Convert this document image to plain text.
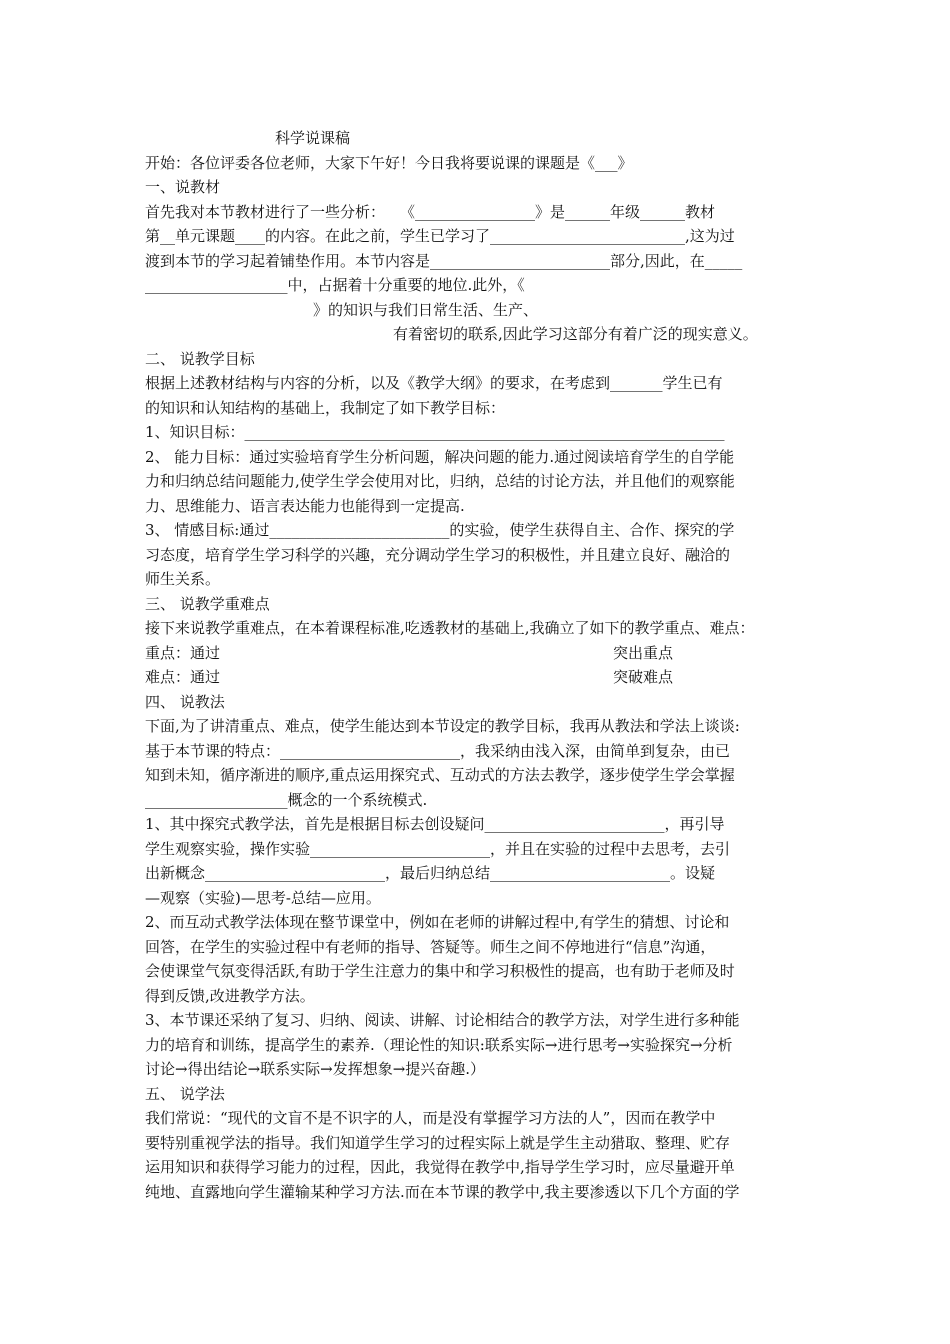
科学说课稿
开始：各位评委各位老师，大家下午好！今日我将要说课的课题是《___》
一、说教材
首先我对本节教材进行了一些分析：　　《________________》是______年级______教材
第__单元课题____的内容。在此之前，学生已学习了__________________________,这为过
渡到本节的学习起着铺垫作用。本节内容是________________________部分,因此，在_____
___________________中，占据着十分重要的地位.此外，《
》的知识与我们日常生活、生产、
有着密切的联系,因此学习这部分有着广泛的现实意义。
二、 说教学目标
根据上述教材结构与内容的分析，以及《教学大纲》的要求，在考虑到_______学生已有
的知识和认知结构的基础上，我制定了如下教学目标：
1、知识目标：________________________________________________________________
2、 能力目标：通过实验培育学生分析问题，解决问题的能力.通过阅读培育学生的自学能
力和归纳总结问题能力,使学生学会使用对比，归纳，总结的讨论方法，并且他们的观察能
力、思维能力、语言表达能力也能得到一定提高.
3、 情感目标:通过________________________的实验，使学生获得自主、合作、探究的学
习态度，培育学生学习科学的兴趣，充分调动学生学习的积极性，并且建立良好、融洽的
师生关系。
三、 说教学重难点
接下来说教学重难点，在本着课程标准,吃透教材的基础上,我确立了如下的教学重点、难点：
重点：通过	突出重点
难点：通过	突破难点
四、 说教法
下面,为了讲清重点、难点，使学生能达到本节设定的教学目标，我再从教法和学法上谈谈:
基于本节课的特点：________________________，我采纳由浅入深，由简单到复杂，由已
知到未知，循序渐进的顺序,重点运用探究式、互动式的方法去教学，逐步使学生学会掌握
___________________概念的一个系统模式.
1、其中探究式教学法，首先是根据目标去创设疑问________________________，再引导
学生观察实验，操作实验________________________，并且在实验的过程中去思考，去引
出新概念________________________，最后归纳总结________________________。设疑
—观察（实验)—思考-总结—应用。
2、而互动式教学法体现在整节课堂中，例如在老师的讲解过程中,有学生的猜想、讨论和
回答，在学生的实验过程中有老师的指导、答疑等。师生之间不停地进行“信息”沟通，
会使课堂气氛变得活跃,有助于学生注意力的集中和学习积极性的提高，也有助于老师及时
得到反馈,改进教学方法。
3、本节课还采纳了复习、归纳、阅读、讲解、讨论相结合的教学方法，对学生进行多种能
力的培育和训练，提高学生的素养.（理论性的知识:联系实际→进行思考→实验探究→分析
讨论→得出结论→联系实际→发挥想象→提兴奋趣.）
五、 说学法
我们常说：“现代的文盲不是不识字的人，而是没有掌握学习方法的人”，因而在教学中
要特别重视学法的指导。我们知道学生学习的过程实际上就是学生主动猎取、整理、贮存
运用知识和获得学习能力的过程，因此，我觉得在教学中,指导学生学习时，应尽量避开单
纯地、直露地向学生灌输某种学习方法.而在本节课的教学中,我主要渗透以下几个方面的学
